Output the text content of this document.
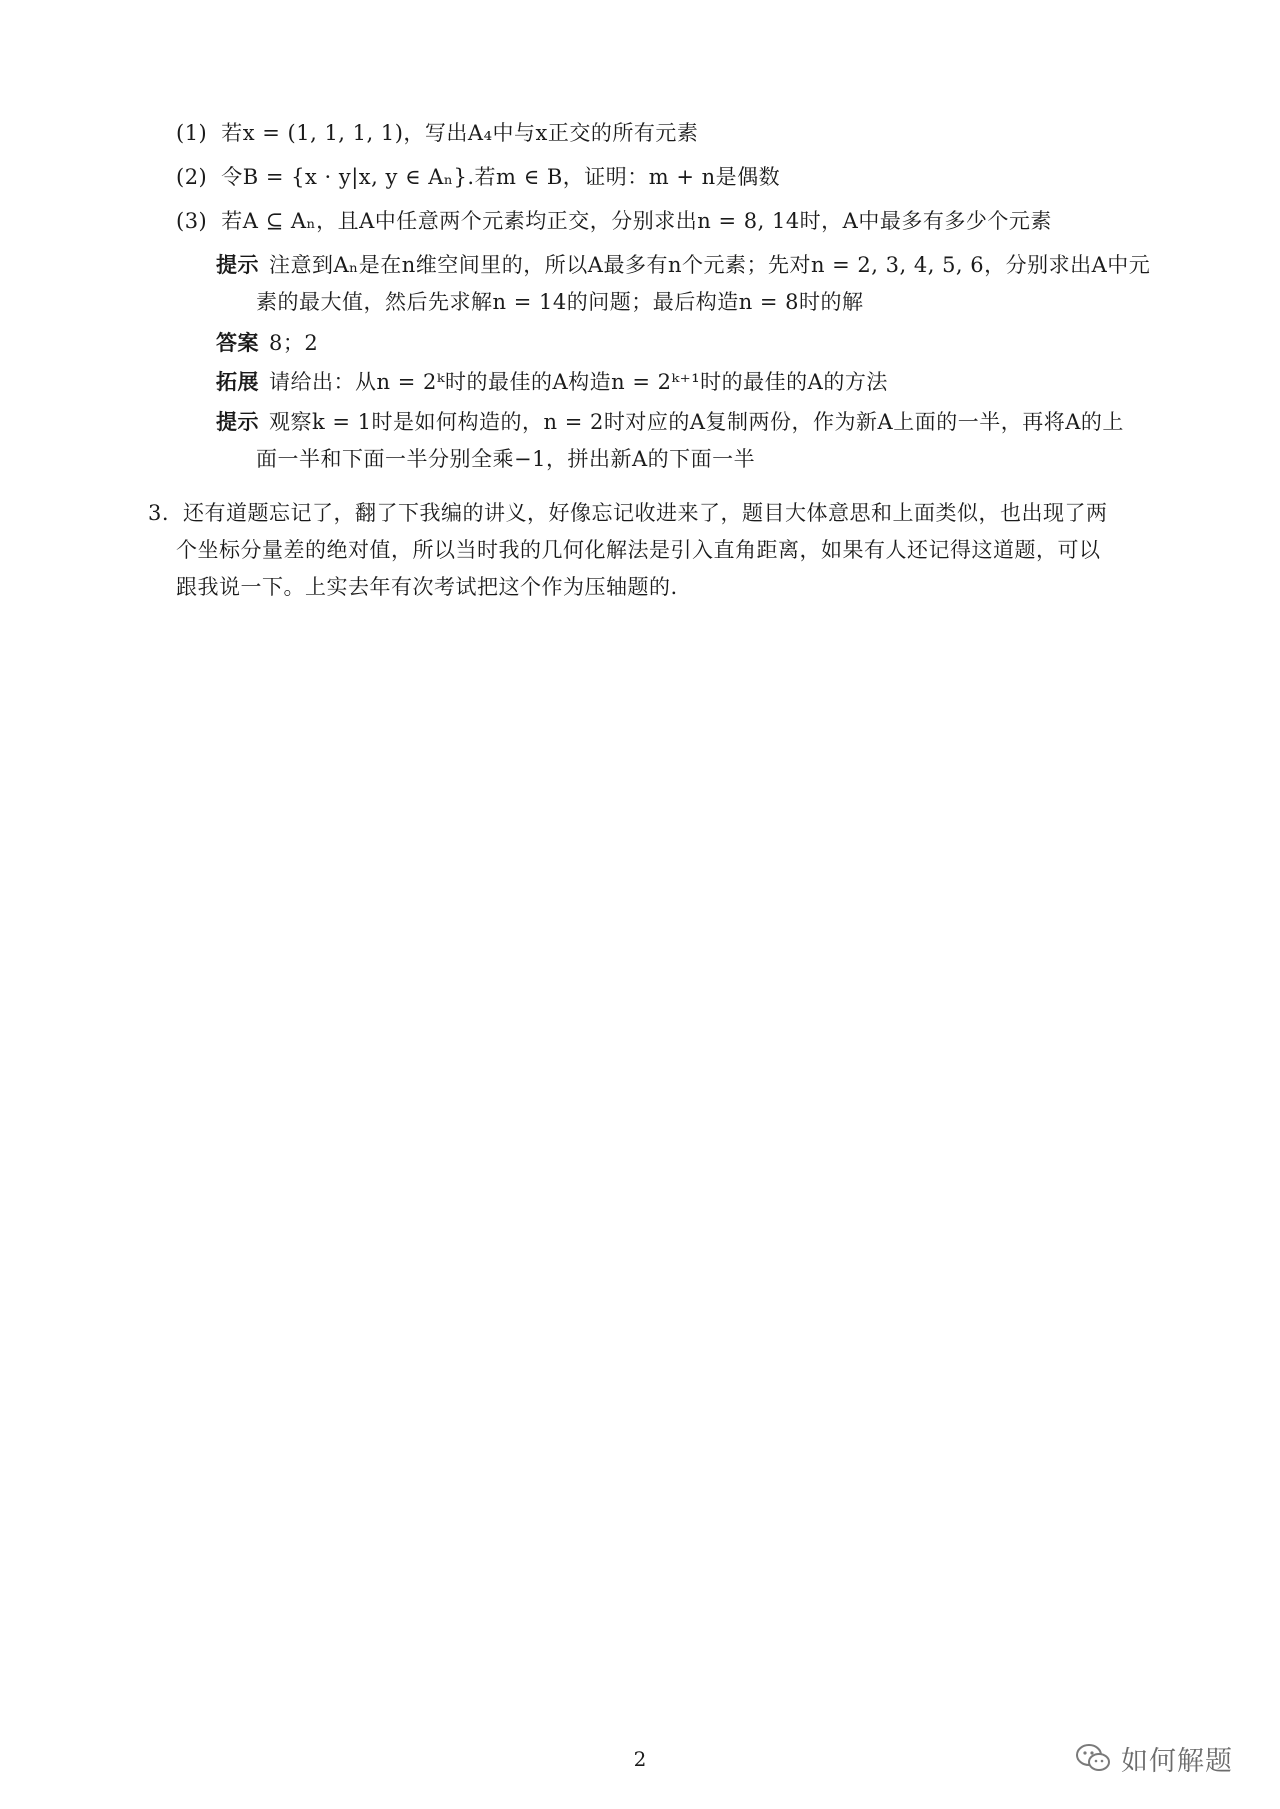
(1) 若x = (1, 1, 1, 1)，写出A₄中与x正交的所有元素
(2) 令B = {x · y|x, y ∈ Aₙ}.若m ∈ B，证明：m + n是偶数
(3) 若A ⊆ Aₙ，且A中任意两个元素均正交，分别求出n = 8, 14时，A中最多有多少个元素
提示 注意到Aₙ是在n维空间里的，所以A最多有n个元素；先对n = 2, 3, 4, 5, 6，分别求出A中元
素的最大值，然后先求解n = 14的问题；最后构造n = 8时的解
答案 8；2
拓展 请给出：从n = 2ᵏ时的最佳的A构造n = 2ᵏ⁺¹时的最佳的A的方法
提示 观察k = 1时是如何构造的，n = 2时对应的A复制两份，作为新A上面的一半，再将A的上
面一半和下面一半分别全乘−1，拼出新A的下面一半
3. 还有道题忘记了，翻了下我编的讲义，好像忘记收进来了，题目大体意思和上面类似，也出现了两
个坐标分量差的绝对值，所以当时我的几何化解法是引入直角距离，如果有人还记得这道题，可以
跟我说一下。上实去年有次考试把这个作为压轴题的.
2	如何解题
